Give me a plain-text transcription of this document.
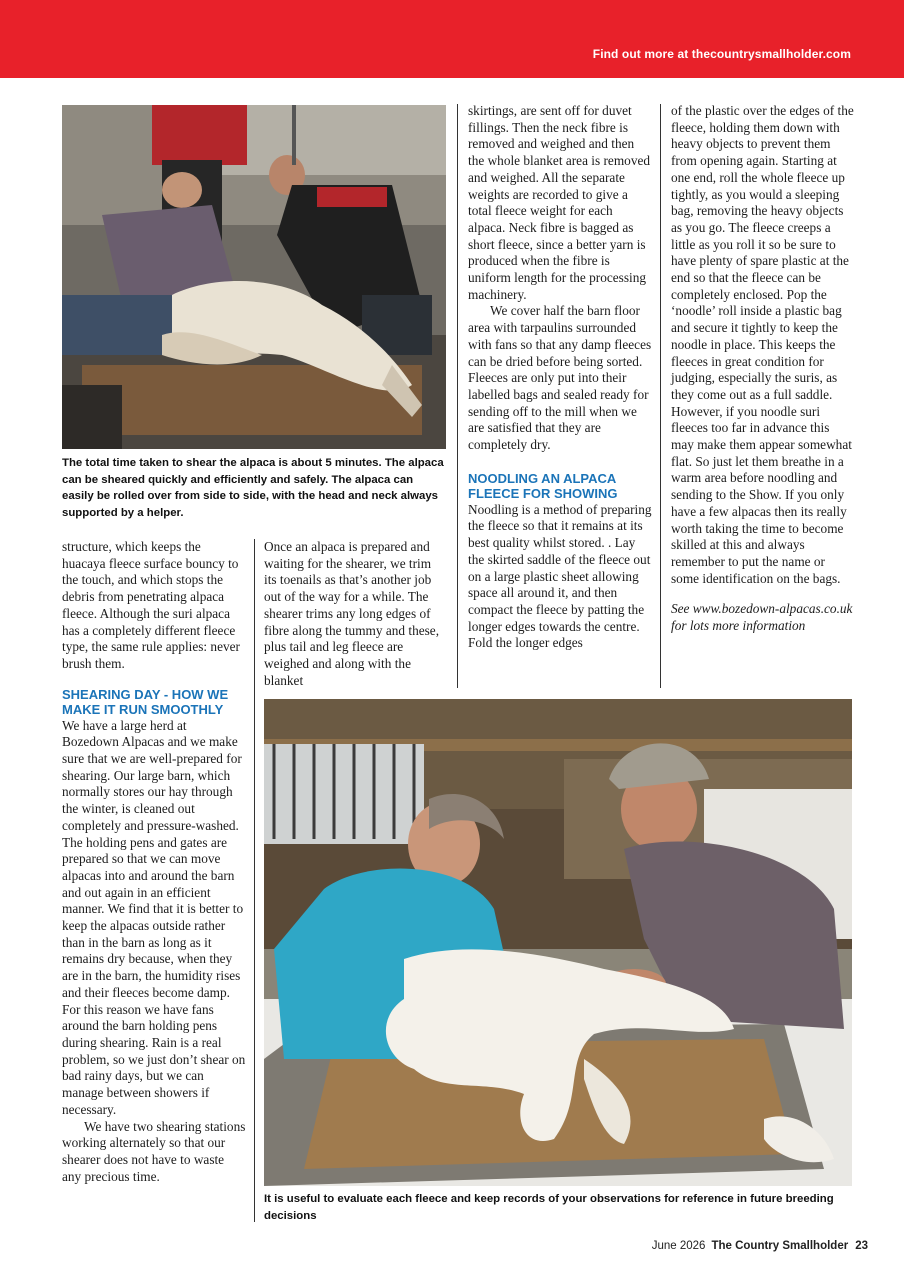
Find out more at thecountrysmallholder.com
The total time taken to shear the alpaca is about 5 minutes. The alpaca can be sheared quickly and efficiently and safely. The alpaca can easily be rolled over from side to side, with the head and neck always supported by a helper.

structure, which keeps the huacaya fleece surface bouncy to the touch, and which stops the debris from penetrating alpaca fleece. Although the suri alpaca has a completely different fleece type, the same rule applies: never brush them.

SHEARING DAY - HOW WE MAKE IT RUN SMOOTHLY

We have a large herd at Bozedown Alpacas and we make sure that we are well-prepared for shearing. Our large barn, which normally stores our hay through the winter, is cleaned out completely and pressure-washed. The holding pens and gates are prepared so that we can move alpacas into and around the barn and out again in an efficient manner. We find that it is better to keep the alpacas outside rather than in the barn as long as it remains dry because, when they are in the barn, the humidity rises and their fleeces become damp. For this reason we have fans around the barn holding pens during shearing. Rain is a real problem, so we just don’t shear on bad rainy days, but we can manage between showers if necessary.

We have two shearing stations working alternately so that our shearer does not have to waste any precious time.

Once an alpaca is prepared and waiting for the shearer, we trim its toenails as that’s another job out of the way for a while. The shearer trims any long edges of fibre along the tummy and these, plus tail and leg fleece are weighed and along with the blanket

skirtings, are sent off for duvet fillings. Then the neck fibre is removed and weighed and then the whole blanket area is removed and weighed. All the separate weights are recorded to give a total fleece weight for each alpaca. Neck fibre is bagged as short fleece, since a better yarn is produced when the fibre is uniform length for the processing machinery.

We cover half the barn floor area with tarpaulins surrounded with fans so that any damp fleeces can be dried before being sorted. Fleeces are only put into their labelled bags and sealed ready for sending off to the mill when we are satisfied that they are completely dry.

NOODLING AN ALPACA FLEECE FOR SHOWING

Noodling is a method of preparing the fleece so that it remains at its best quality whilst stored. . Lay the skirted saddle of the fleece out on a large plastic sheet allowing space all around it, and then compact the fleece by patting the longer edges towards the centre. Fold the longer edges

of the plastic over the edges of the fleece, holding them down with heavy objects to prevent them from opening again. Starting at one end, roll the whole fleece up tightly, as you would a sleeping bag, removing the heavy objects as you go. The fleece creeps a little as you roll it so be sure to have plenty of spare plastic at the end so that the fleece can be completely enclosed. Pop the ‘noodle’ roll inside a plastic bag and secure it tightly to keep the noodle in place. This keeps the fleeces in great condition for judging, especially the suris, as they come out as a full saddle. However, if you noodle suri fleeces too far in advance this may make them appear somewhat flat. So just let them breathe in a warm area before noodling and sending to the Show. If you only have a few alpacas then its really worth taking the time to become skilled at this and always remember to put the name or some identification on the bags.

See www.bozedown-alpacas.co.uk for lots more information

It is useful to evaluate each fleece and keep records of your observations for reference in future breeding decisions
June 2026 The Country Smallholder 23
